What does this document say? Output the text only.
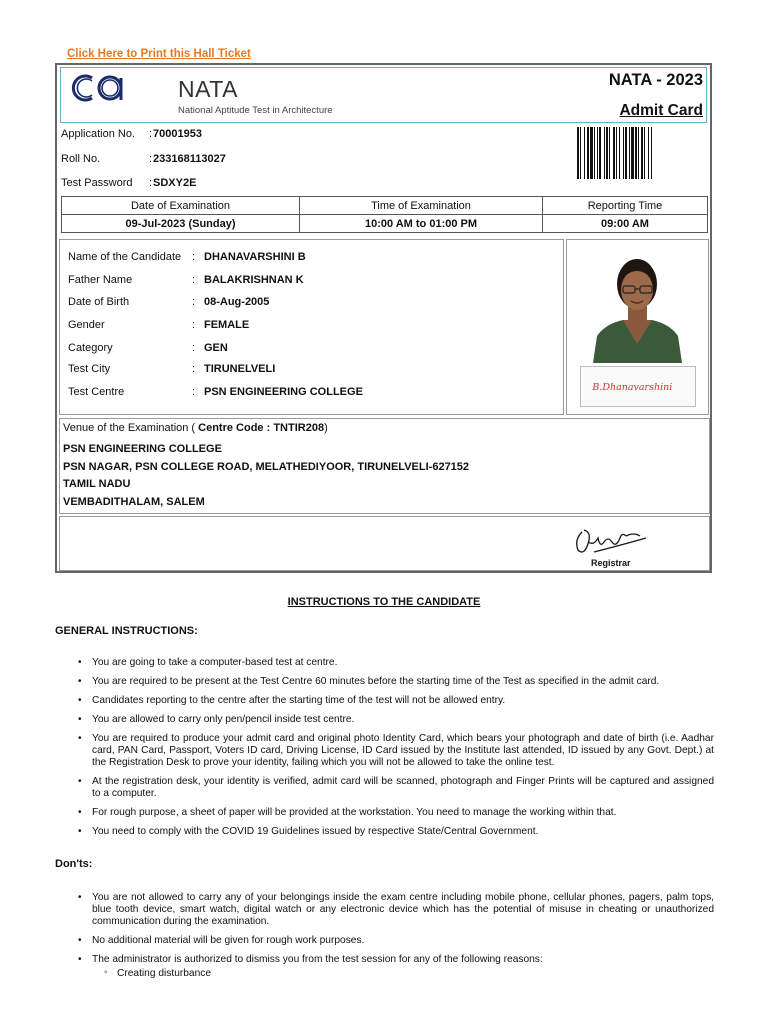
Click Here to Print this Hall Ticket
NATA
National Aptitude Test in Architecture
NATA - 2023
Admit Card
Application No. : 70001953
Roll No.	: 233168113027
Test Password : SDXY2E
Date of Examination	Time of Examination	Reporting Time
09-Jul-2023 (Sunday)	10:00 AM to 01:00 PM	09:00 AM
Name of the Candidate : DHANAVARSHINI B
Father Name	: BALAKRISHNAN K
Date of Birth	: 08-Aug-2005
Gender	: FEMALE
Category	: GEN
Test City	: TIRUNELVELI
Test Centre	: PSN ENGINEERING COLLEGE	B.Dhanavarshini
Venue of the Examination ( Centre Code : TNTIR208)
PSN ENGINEERING COLLEGE
PSN NAGAR, PSN COLLEGE ROAD, MELATHEDIYOOR, TIRUNELVELI-627152
TAMIL NADU
VEMBADITHALAM, SALEM
Registrar
INSTRUCTIONS TO THE CANDIDATE
GENERAL INSTRUCTIONS:
• You are going to take a computer-based test at centre.
• You are required to be present at the Test Centre 60 minutes before the starting time of the Test as specified in the admit card.
• Candidates reporting to the centre after the starting time of the test will not be allowed entry.
• You are allowed to carry only pen/pencil inside test centre.
• You are required to produce your admit card and original photo Identity Card, which bears your photograph and date of birth (i.e. Aadhar card, PAN Card, Passport, Voters ID card, Driving License, ID Card issued by the Institute last attended, ID issued by any Govt. Dept.) at the Registration Desk to prove your identity, failing which you will not be allowed to take the online test.
• At the registration desk, your identity is verified, admit card will be scanned, photograph and Finger Prints will be captured and assigned to a computer.
• For rough purpose, a sheet of paper will be provided at the workstation. You need to manage the working within that.
• You need to comply with the COVID 19 Guidelines issued by respective State/Central Government.
Don'ts:
• You are not allowed to carry any of your belongings inside the exam centre including mobile phone, cellular phones, pagers, palm tops, blue tooth device, smart watch, digital watch or any electronic device which has the potential of misuse in cheating or unauthorized communication during the examination.
• No additional material will be given for rough work purposes.
• The administrator is authorized to dismiss you from the test session for any of the following reasons:
◦ Creating disturbance
